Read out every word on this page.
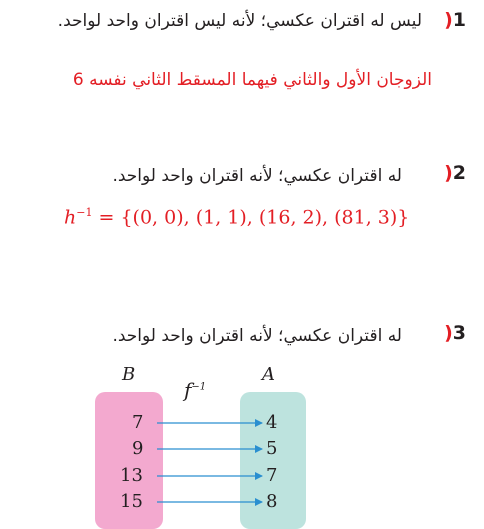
)1
ليس له اقتران عكسي؛ لأنه ليس اقتران واحد لواحد.
الزوجان الأول والثاني فيهما المسقط الثاني نفسه 6
)2
له اقتران عكسي؛ لأنه اقتران واحد لواحد.
$h^{-1} = \{(0$, 0), (1, 1), (16, 2), (81, 3)}
)3
له اقتران عكسي؛ لأنه اقتران واحد لواحد.
B	A
$f^{-1}$
7
9
13
15
4
5
7
8
